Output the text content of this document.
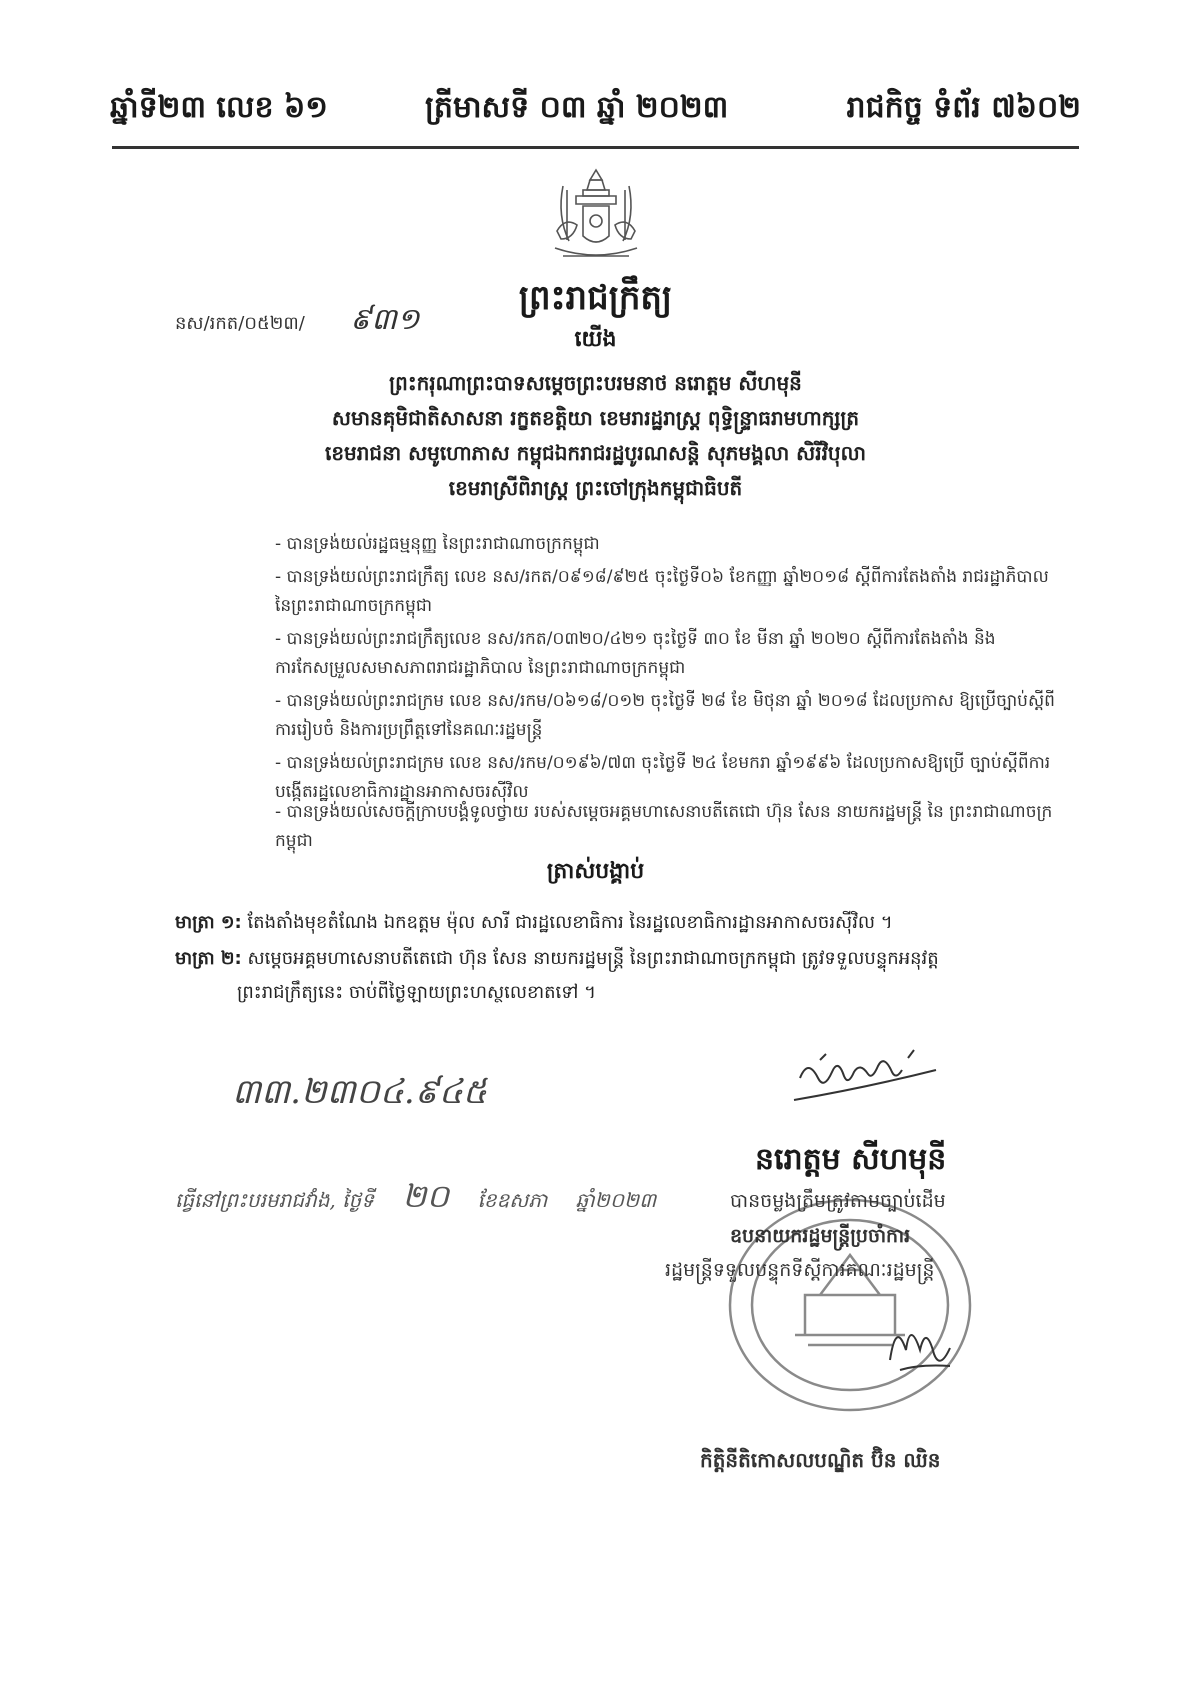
ឆ្នាំទី២៣ លេខ ៦១	ត្រីមាសទី ០៣ ឆ្នាំ ២០២៣	រាជកិច្ច ទំព័រ ៧៦០២
ព្រះរាជក្រឹត្យ
នស/រកត/០៥២៣/ ៩៣១
យើង
ព្រះករុណាព្រះបាទសម្ដេចព្រះបរមនាថ នរោត្ដម សីហមុនី
សមានគុមិជាតិសាសនា រក្ខតខត្តិយា ខេមរារដ្ឋរាស្ដ្រ ពុទ្ធិន្ទ្រាធរាមហាក្សត្រ
ខេមរាជនា សមូហោភាស កម្ពុជឯករាជរដ្ឋបូរណសន្ដិ សុភមង្គលា សិរីវិបុលា
ខេមរាស្រីពិរាស្ដ្រ ព្រះចៅក្រុងកម្ពុជាធិបតី
- បានទ្រង់យល់រដ្ឋធម្មនុញ្ញ នៃព្រះរាជាណាចក្រកម្ពុជា
- បានទ្រង់យល់ព្រះរាជក្រឹត្យ លេខ នស/រកត/០៩១៨/៩២៥ ចុះថ្ងៃទី០៦ ខែកញ្ញា ឆ្នាំ២០១៨ ស្ដីពីការតែងតាំង រាជរដ្ឋាភិបាល នៃព្រះរាជាណាចក្រកម្ពុជា
- បានទ្រង់យល់ព្រះរាជក្រឹត្យលេខ នស/រកត/០៣២០/៤២១ ចុះថ្ងៃទី ៣០ ខែ មីនា ឆ្នាំ ២០២០ ស្ដីពីការតែងតាំង និងការកែសម្រួលសមាសភាពរាជរដ្ឋាភិបាល នៃព្រះរាជាណាចក្រកម្ពុជា
- បានទ្រង់យល់ព្រះរាជក្រម លេខ នស/រកម/០៦១៨/០១២ ចុះថ្ងៃទី ២៨ ខែ មិថុនា ឆ្នាំ ២០១៨ ដែលប្រកាស ឱ្យប្រើច្បាប់ស្ដីពីការរៀបចំ និងការប្រព្រឹត្តទៅនៃគណៈរដ្ឋមន្ដ្រី
- បានទ្រង់យល់ព្រះរាជក្រម លេខ នស/រកម/០១៩៦/៧៣ ចុះថ្ងៃទី ២៤ ខែមករា ឆ្នាំ១៩៩៦ ដែលប្រកាសឱ្យប្រើ ច្បាប់ស្ដីពីការបង្កើតរដ្ឋលេខាធិការដ្ឋានអាកាសចរស៊ីវិល
- បានទ្រង់យល់សេចក្ដីក្រាបបង្គំទូលថ្វាយ របស់សម្ដេចអគ្គមហាសេនាបតីតេជោ ហ៊ុន សែន នាយករដ្ឋមន្ដ្រី នៃ ព្រះរាជាណាចក្រកម្ពុជា
ត្រាស់បង្គាប់
មាត្រា ១: តែងតាំងមុខតំណែង ឯកឧត្ដម ម៉ុល សារី ជារដ្ឋលេខាធិការ នៃរដ្ឋលេខាធិការដ្ឋានអាកាសចរស៊ីវិល ។
មាត្រា ២: សម្ដេចអគ្គមហាសេនាបតីតេជោ ហ៊ុន សែន នាយករដ្ឋមន្ដ្រី នៃព្រះរាជាណាចក្រកម្ពុជា ត្រូវទទួលបន្ទុកអនុវត្ត
ព្រះរាជក្រឹត្យនេះ ចាប់ពីថ្ងៃឡាយព្រះហស្ថលេខាតទៅ ។
៣៣.២៣០៤.៩៤៥
នរោត្ដម សីហមុនី
ធ្វើនៅព្រះបរមរាជវាំង, ថ្ងៃទី ២០ ខែឧសភា ឆ្នាំ២០២៣	បានចម្លងត្រឹមត្រូវតាមច្បាប់ដើម
ឧបនាយករដ្ឋមន្ដ្រីប្រចាំការ
រដ្ឋមន្ដ្រីទទួលបន្ទុកទីស្ដីការគណៈរដ្ឋមន្ដ្រី
កិត្តិនីតិកោសលបណ្ឌិត ប៊ិន ឈិន
